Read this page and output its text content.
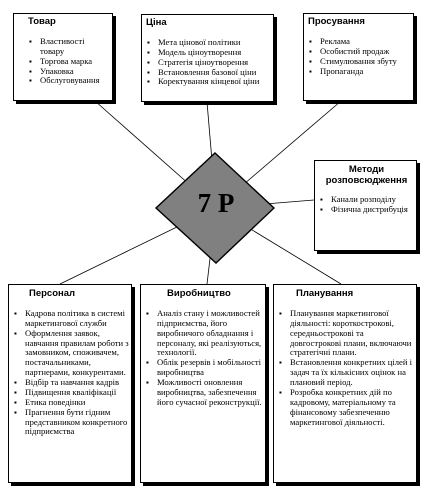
7 P
Товар
▪ Властивості товару
▪ Торгова марка
▪ Упаковка
▪ Обслуговування
Ціна
▪ Мета цінової політики
▪ Модель ціноутворення
▪ Стратегія ціноутворення
▪ Встановлення базової ціни
▪ Коректування кінцевої ціни
Просування
▪ Реклама
▪ Особистий продаж
▪ Стимулювання збуту
▪ Пропаганда
Методи розповсюдження
▪ Канали розподілу
▪ Фізична дистрибуція
Персонал
▪ Кадрова політика в системі маркетингової служби
▪ Оформлення заявок, навчання правилам роботи з замовником, споживачем, постачальниками, партнерами, конкурентами.
▪ Відбір та навчання кадрів
▪ Підвищення кваліфікації
▪ Етика поведінки
▪ Прагнення бути гідним представником конкретного підприємства
Виробництво
▪ Аналіз стану і можливостей підприємства, його виробничого обладнання і персоналу, які реалізуються, технології.
▪ Облік резервів і мобільності виробництва
▪ Можливості оновлення виробництва, забезпечення його сучасної реконструкції.
Планування
▪ Планування маркетингової діяльності: короткострокові, середньострокові та довгострокові плани, включаючи стратегічні плани.
▪ Встановлення конкретних цілей і задач та їх кількісних оцінок на плановий період.
▪ Розробка конкретних дій по кадровому, матеріальному та фінансовому забезпеченню маркетингової діяльності.
